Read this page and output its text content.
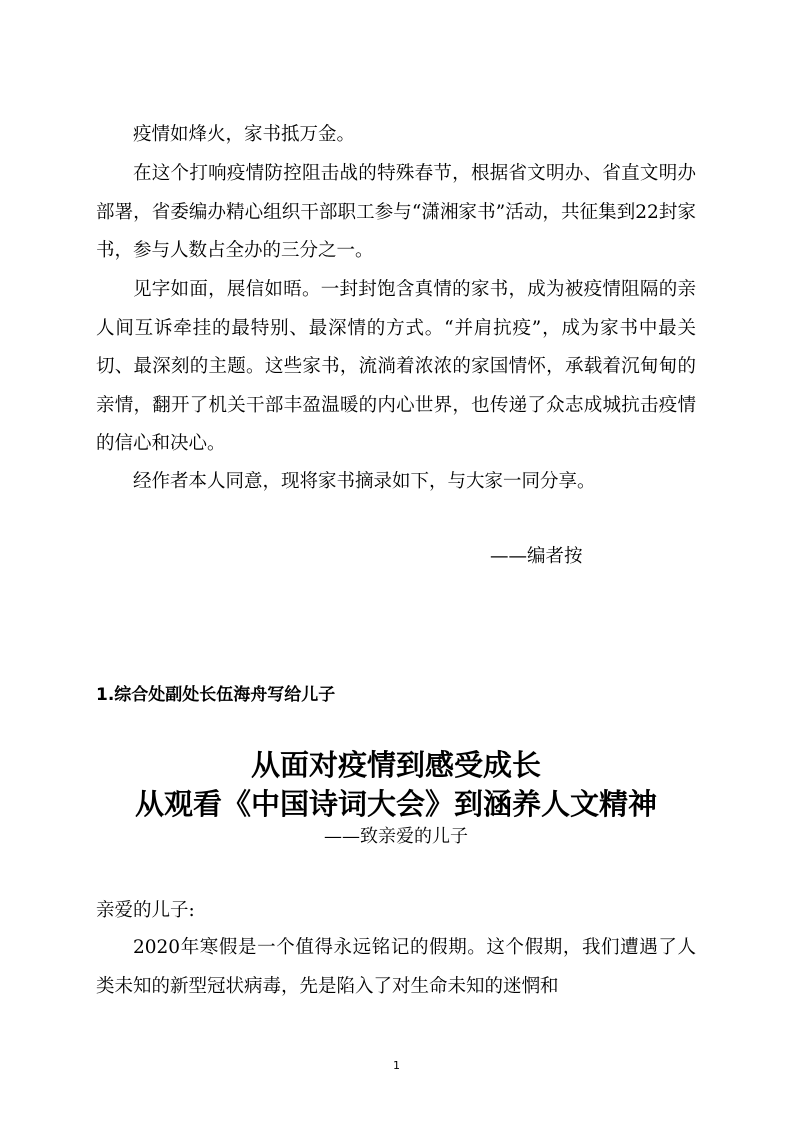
疫情如烽火，家书抵万金。

在这个打响疫情防控阻击战的特殊春节，根据省文明办、省直文明办部署，省委编办精心组织干部职工参与“潇湘家书”活动，共征集到22封家书，参与人数占全办的三分之一。

见字如面，展信如晤。一封封饱含真情的家书，成为被疫情阻隔的亲人间互诉牵挂的最特别、最深情的方式。“并肩抗疫”，成为家书中最关切、最深刻的主题。这些家书，流淌着浓浓的家国情怀，承载着沉甸甸的亲情，翻开了机关干部丰盈温暖的内心世界，也传递了众志成城抗击疫情的信心和决心。

经作者本人同意，现将家书摘录如下，与大家一同分享。

——编者按
1.综合处副处长伍海舟写给儿子
从面对疫情到感受成长
从观看《中国诗词大会》到涵养人文精神
——致亲爱的儿子
亲爱的儿子:

2020年寒假是一个值得永远铭记的假期。这个假期，我们遭遇了人类未知的新型冠状病毒，先是陷入了对生命未知的迷惘和

1
